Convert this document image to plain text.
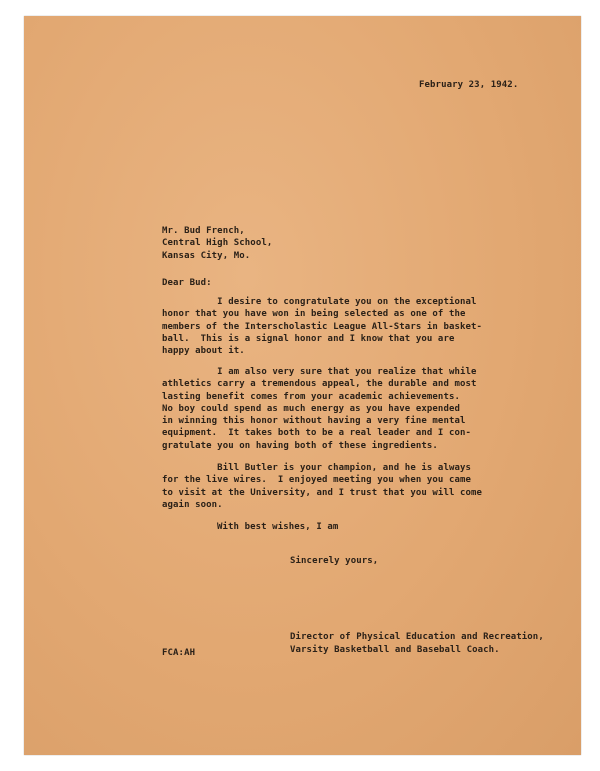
February 23, 1942.
Mr. Bud French,
Central High School,
Kansas City, Mo.
Dear Bud:

I desire to congratulate you on the exceptional

honor that you have won in being selected as one of the

members of the Interscholastic League All-Stars in basket-

ball.  This is a signal honor and I know that you are

happy about it.

I am also very sure that you realize that while

athletics carry a tremendous appeal, the durable and most

lasting benefit comes from your academic achievements.

No boy could spend as much energy as you have expended

in winning this honor without having a very fine mental

equipment.  It takes both to be a real leader and I con-

gratulate you on having both of these ingredients.

Bill Butler is your champion, and he is always

for the live wires.  I enjoyed meeting you when you came

to visit at the University, and I trust that you will come

again soon.

With best wishes, I am
Sincerely yours,
Director of Physical Education and Recreation,
Varsity Basketball and Baseball Coach.
FCA:AH
